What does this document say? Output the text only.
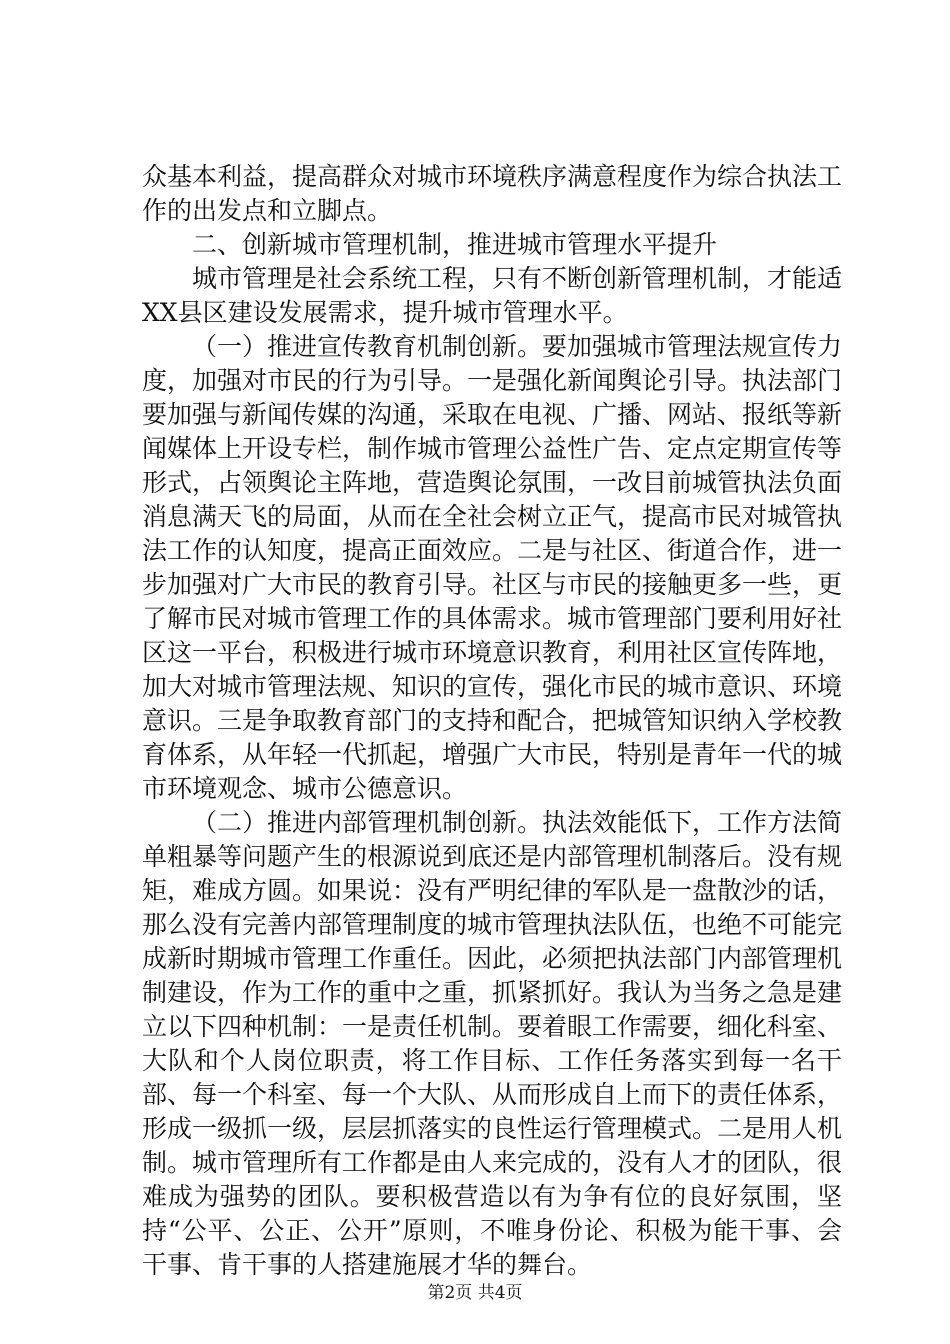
众基本利益，提高群众对城市环境秩序满意程度作为综合执法工作的出发点和立脚点。

二、创新城市管理机制，推进城市管理水平提升

城市管理是社会系统工程，只有不断创新管理机制，才能适XX县区建设发展需求，提升城市管理水平。

（一）推进宣传教育机制创新。要加强城市管理法规宣传力度，加强对市民的行为引导。一是强化新闻舆论引导。执法部门要加强与新闻传媒的沟通，采取在电视、广播、网站、报纸等新闻媒体上开设专栏，制作城市管理公益性广告、定点定期宣传等形式，占领舆论主阵地，营造舆论氛围，一改目前城管执法负面消息满天飞的局面，从而在全社会树立正气，提高市民对城管执法工作的认知度，提高正面效应。二是与社区、街道合作，进一步加强对广大市民的教育引导。社区与市民的接触更多一些，更了解市民对城市管理工作的具体需求。城市管理部门要利用好社区这一平台，积极进行城市环境意识教育，利用社区宣传阵地，加大对城市管理法规、知识的宣传，强化市民的城市意识、环境意识。三是争取教育部门的支持和配合，把城管知识纳入学校教育体系，从年轻一代抓起，增强广大市民，特别是青年一代的城市环境观念、城市公德意识。

（二）推进内部管理机制创新。执法效能低下，工作方法简单粗暴等问题产生的根源说到底还是内部管理机制落后。没有规矩，难成方圆。如果说：没有严明纪律的军队是一盘散沙的话，那么没有完善内部管理制度的城市管理执法队伍，也绝不可能完成新时期城市管理工作重任。因此，必须把执法部门内部管理机制建设，作为工作的重中之重，抓紧抓好。我认为当务之急是建立以下四种机制：一是责任机制。要着眼工作需要，细化科室、大队和个人岗位职责，将工作目标、工作任务落实到每一名干部、每一个科室、每一个大队、从而形成自上而下的责任体系，形成一级抓一级，层层抓落实的良性运行管理模式。二是用人机制。城市管理所有工作都是由人来完成的，没有人才的团队，很难成为强势的团队。要积极营造以有为争有位的良好氛围，坚持“公平、公正、公开”原则，不唯身份论、积极为能干事、会干事、肯干事的人搭建施展才华的舞台。

第2页 共4页
